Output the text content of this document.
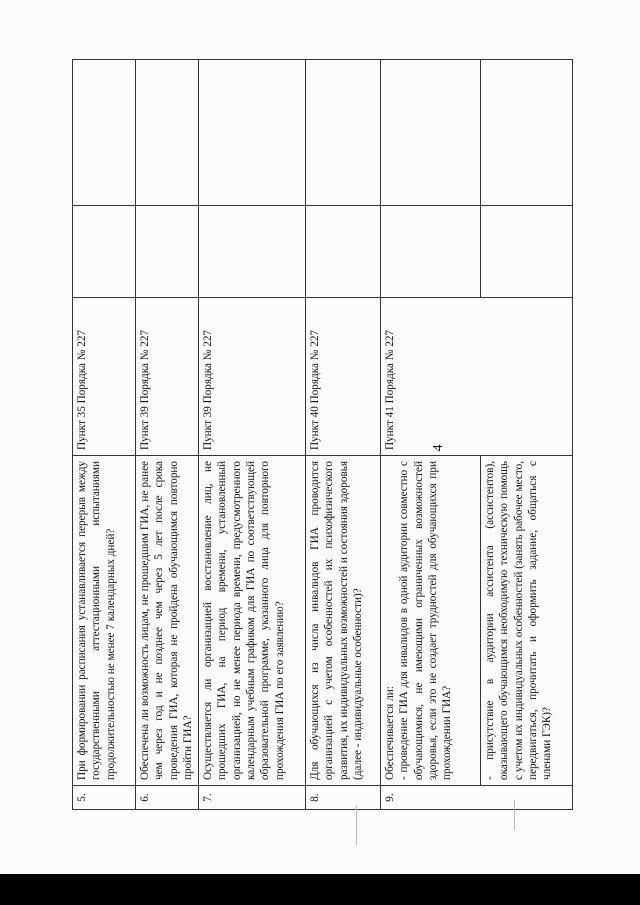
4
5.	При формировании расписания устанавливается перерыв между государственными аттестационными испытаниями продолжительностью не менее 7 календарных дней?	Пункт 35 Порядка № 227		
6.	Обеспечена ли возможность лицам, не прошедшим ГИА, не ранее чем через год и не позднее чем через 5 лет после срока проведения ГИА, которая не пройдена обучающимся повторно пройти ГИА?	Пункт 39 Порядка № 227		
7.	Осуществляется ли организацией восстановление лиц, не прошедших ГИА, на период времени, установленный организацией, но не менее периода времени, предусмотренного календарным учебным графиком для ГИА по соответствующей образовательной программе, указанного лица для повторного прохождения ГИА по его заявлению?	Пункт 39 Порядка № 227		
8.	Для обучающихся из числа инвалидов ГИА проводится организацией с учетом особенностей их психофизического развития, их индивидуальных возможностей и состояния здоровья (далее - индивидуальные особенности)?	Пункт 40 Порядка № 227		
9.	Обеспечивается ли: - проведение ГИА для инвалидов в одной аудитории совместно с обучающимися, не имеющими ограниченных возможностей здоровья, если это не создает трудностей для обучающихся при прохождении ГИА?	Пункт 41 Порядка № 227		
	- присутствие в аудитории ассистента (ассистентов), оказывающего обучающимся необходимую техническую помощь с учетом их индивидуальных особенностей (занять рабочее место, передвигаться, прочитать и оформить задание, общаться с членами ГЭК)?			
